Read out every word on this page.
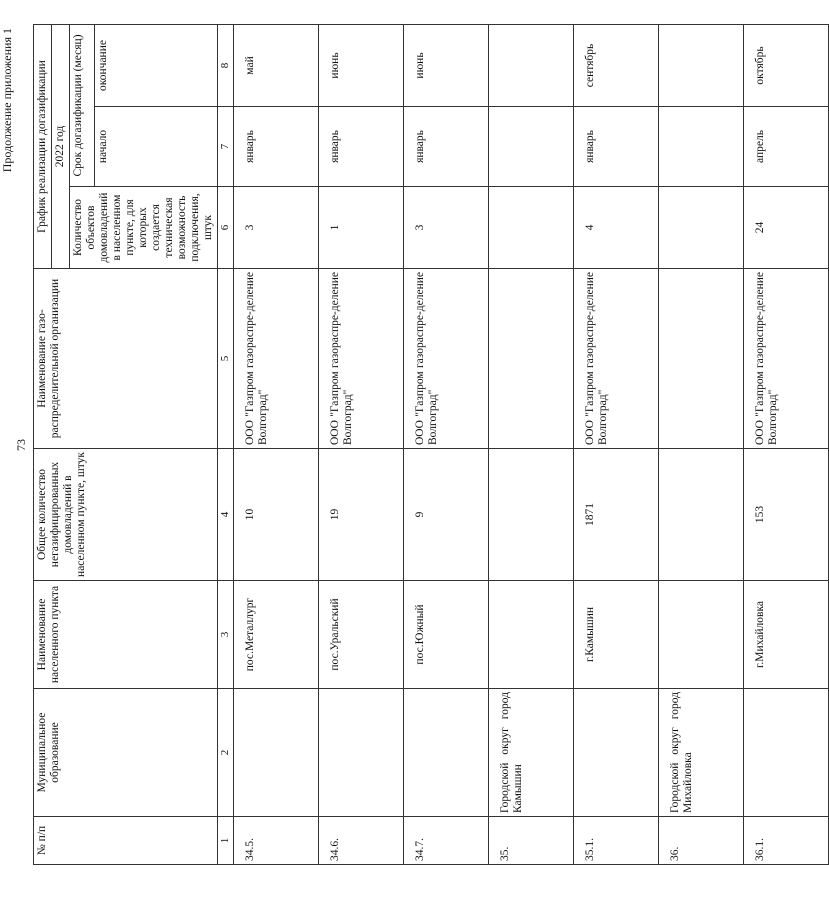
73
Продолжение приложения 1
№ п/п	Муниципальное образование	Наименование населенного пункта	Общее количество негазифицированных домовладений в населенном пункте, штук	Наименование газо-распределительной организации	График реализации догазификации		
					2022 год		
					Количество объектов домовладений в населенном пункте, для которых создается техническая возможность подключения, штук	Срок догазификации (месяц)	
						начало	окончание
1	2	3	4	5	6	7	8
34.5.		пос.Металлург	10	ООО "Газпром газораспре-деление Волгоград"	3	январь	май
34.6.		пос.Уральский	19	ООО "Газпром газораспре-деление Волгоград"	1	январь	июнь
34.7.		пос.Южный	9	ООО "Газпром газораспре-деление Волгоград"	3	январь	июнь
35.	Городской округ город Камышин						
35.1.		г.Камышин	1871	ООО "Газпром газораспре-деление Волгоград"	4	январь	сентябрь
36.	Городской округ город Михайловка						
36.1.		г.Михайловка	153	ООО "Газпром газораспре-деление Волгоград"	24	апрель	октябрь
